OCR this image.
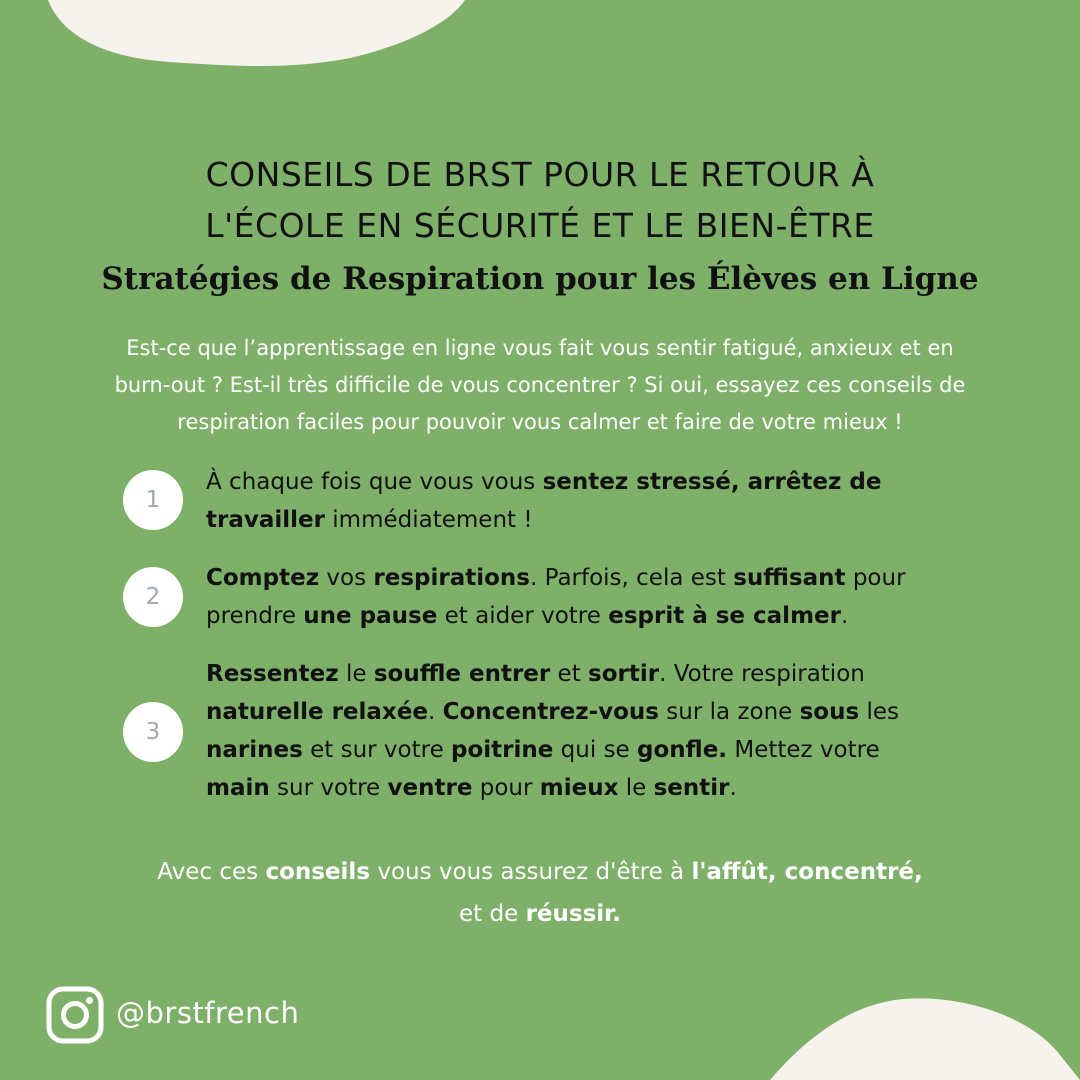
CONSEILS DE BRST POUR LE RETOUR À
L'ÉCOLE EN SÉCURITÉ ET LE BIEN-ÊTRE
Stratégies de Respiration pour les Élèves en Ligne

Est-ce que l’apprentissage en ligne vous fait vous sentir fatigué, anxieux et en
burn-out ? Est-il très difficile de vous concentrer ? Si oui, essayez ces conseils de
respiration faciles pour pouvoir vous calmer et faire de votre mieux !

1

À chaque fois que vous vous sentez stressé, arrêtez de
travailler immédiatement !

2

Comptez vos respirations. Parfois, cela est suffisant pour
prendre une pause et aider votre esprit à se calmer.

3

Ressentez le souffle entrer et sortir. Votre respiration
naturelle relaxée. Concentrez-vous sur la zone sous les
narines et sur votre poitrine qui se gonfle. Mettez votre
main sur votre ventre pour mieux le sentir.

Avec ces conseils vous vous assurez d'être à l'affût, concentré,
et de réussir.

@brstfrench
